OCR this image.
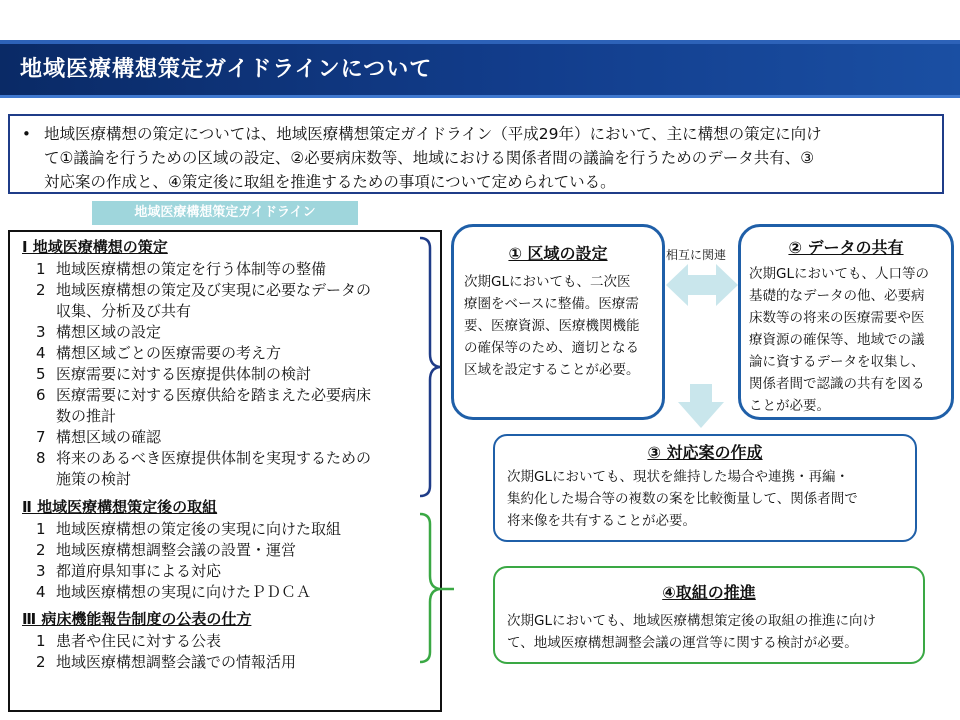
地域医療構想策定ガイドラインについて
• 地域医療構想の策定については、地域医療構想策定ガイドライン（平成29年）において、主に構想の策定に向け
て①議論を行うための区域の設定、②必要病床数等、地域における関係者間の議論を行うためのデータ共有、③
対応案の作成と、④策定後に取組を推進するための事項について定められている。
地域医療構想策定ガイドライン
Ⅰ 地域医療構想の策定
1 地域医療構想の策定を行う体制等の整備
2 地域医療構想の策定及び実現に必要なデータの
収集、分析及び共有
3 構想区域の設定
4 構想区域ごとの医療需要の考え方
5 医療需要に対する医療提供体制の検討
6 医療需要に対する医療供給を踏まえた必要病床
数の推計
7 構想区域の確認
8 将来のあるべき医療提供体制を実現するための
施策の検討
Ⅱ 地域医療構想策定後の取組
1 地域医療構想の策定後の実現に向けた取組
2 地域医療構想調整会議の設置・運営
3 都道府県知事による対応
4 地域医療構想の実現に向けたＰＤＣＡ
Ⅲ 病床機能報告制度の公表の仕方
1 患者や住民に対する公表
2 地域医療構想調整会議での情報活用
① 区域の設定
次期GLにおいても、二次医
療圏をベースに整備。医療需
要、医療資源、医療機関機能
の確保等のため、適切となる
区域を設定することが必要。
相互に関連	② データの共有
次期GLにおいても、人口等の
基礎的なデータの他、必要病
床数等の将来の医療需要や医
療資源の確保等、地域での議
論に資するデータを収集し、
関係者間で認識の共有を図る
ことが必要。
③ 対応案の作成
次期GLにおいても、現状を維持した場合や連携・再編・
集約化した場合等の複数の案を比較衡量して、関係者間で
将来像を共有することが必要。
④取組の推進
次期GLにおいても、地域医療構想策定後の取組の推進に向け
て、地域医療構想調整会議の運営等に関する検討が必要。
